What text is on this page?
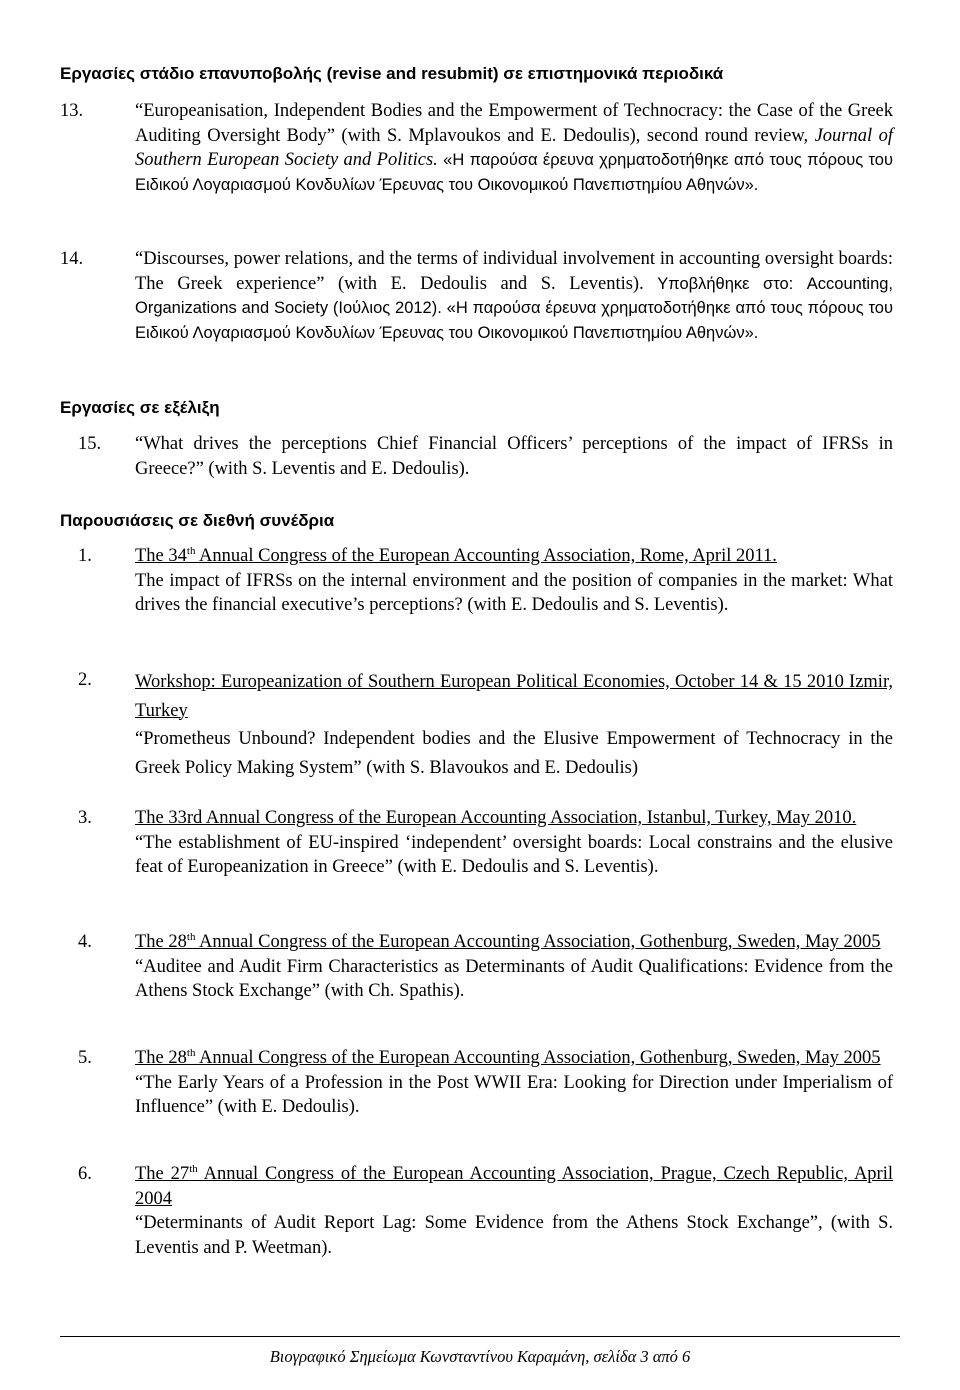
Εργασίες στάδιο επανυποβολής (revise and resubmit) σε επιστημονικά περιοδικά
13.	“Europeanisation, Independent Bodies and the Empowerment of Technocracy: the Case of the Greek Auditing Oversight Body” (with S. Mplavoukos and E. Dedoulis), second round review, Journal of Southern European Society and Politics. «Η παρούσα έρευνα χρηματοδοτήθηκε από τους πόρους του Ειδικού Λογαριασμού Κονδυλίων Έρευνας του Οικονομικού Πανεπιστημίου Αθηνών».
14.	“Discourses, power relations, and the terms of individual involvement in accounting oversight boards: The Greek experience” (with E. Dedoulis and S. Leventis). Υποβλήθηκε στο: Accounting, Organizations and Society (Ιούλιος 2012). «Η παρούσα έρευνα χρηματοδοτήθηκε από τους πόρους του Ειδικού Λογαριασμού Κονδυλίων Έρευνας του Οικονομικού Πανεπιστημίου Αθηνών».
Εργασίες σε εξέλιξη
15. “What drives the perceptions Chief Financial Officers’ perceptions of the impact of IFRSs in Greece?” (with S. Leventis and E. Dedoulis).
Παρουσιάσεις σε διεθνή συνέδρια
1. The 34th Annual Congress of the European Accounting Association, Rome, April 2011.
The impact of IFRSs on the internal environment and the position of companies in the market: What drives the financial executive’s perceptions? (with E. Dedoulis and S. Leventis).
2. Workshop: Europeanization of Southern European Political Economies, October 14 & 15 2010 Izmir, Turkey
“Prometheus Unbound? Independent bodies and the Elusive Empowerment of Technocracy in the Greek Policy Making System” (with S. Blavoukos and E. Dedoulis)
3. The 33rd Annual Congress of the European Accounting Association, Istanbul, Turkey, May 2010.
“The establishment of EU-inspired ‘independent’ oversight boards: Local constrains and the elusive feat of Europeanization in Greece” (with E. Dedoulis and S. Leventis).
4. The 28th Annual Congress of the European Accounting Association, Gothenburg, Sweden, May 2005
“Auditee and Audit Firm Characteristics as Determinants of Audit Qualifications: Evidence from the Athens Stock Exchange” (with Ch. Spathis).
5. The 28th Annual Congress of the European Accounting Association, Gothenburg, Sweden, May 2005
“The Early Years of a Profession in the Post WWII Era: Looking for Direction under Imperialism of Influence” (with E. Dedoulis).
6. The 27th Annual Congress of the European Accounting Association, Prague, Czech Republic, April 2004
“Determinants of Audit Report Lag: Some Evidence from the Athens Stock Exchange”, (with S. Leventis and P. Weetman).
Βιογραφικό Σημείωμα Κωνσταντίνου Καραμάνη, σελίδα 3 από 6
